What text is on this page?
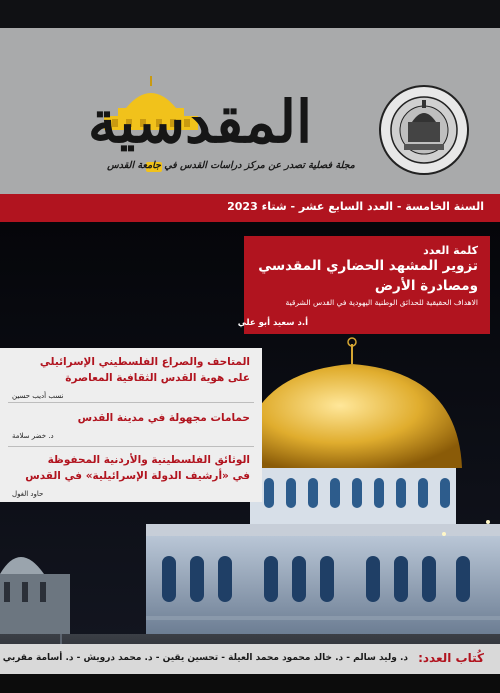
المقدسية
مجلة فصلية تصدر عن مركز دراسات القدس في جامعة القدس
السنة الخامسة - العدد السابع عشر - شتاء 2023
كلمة العدد
تزوير المشهد الحضاري المقدسي
ومصادرة الأرض
الاهداف الحقيقية للحدائق الوطنية اليهودية في القدس الشرقية
أ.د سعيد أبو علي
المتاحف والصراع الفلسطيني الإسرائيلي
على هوية القدس الثقافية المعاصرة
نسب أديب حسين
حمامات مجهولة في مدينة القدس
د. خضر سلامة
الوثائق الفلسطينية والأردنية المحفوظة
في «أرشيف الدولة الإسرائيلية» في القدس
حاود الغول
كُتاب العدد:
د. وليد سالم - د. خالد محمود محمد العيلة - تحسين يقين - د. محمد درويش - د. أسامة مقربي
